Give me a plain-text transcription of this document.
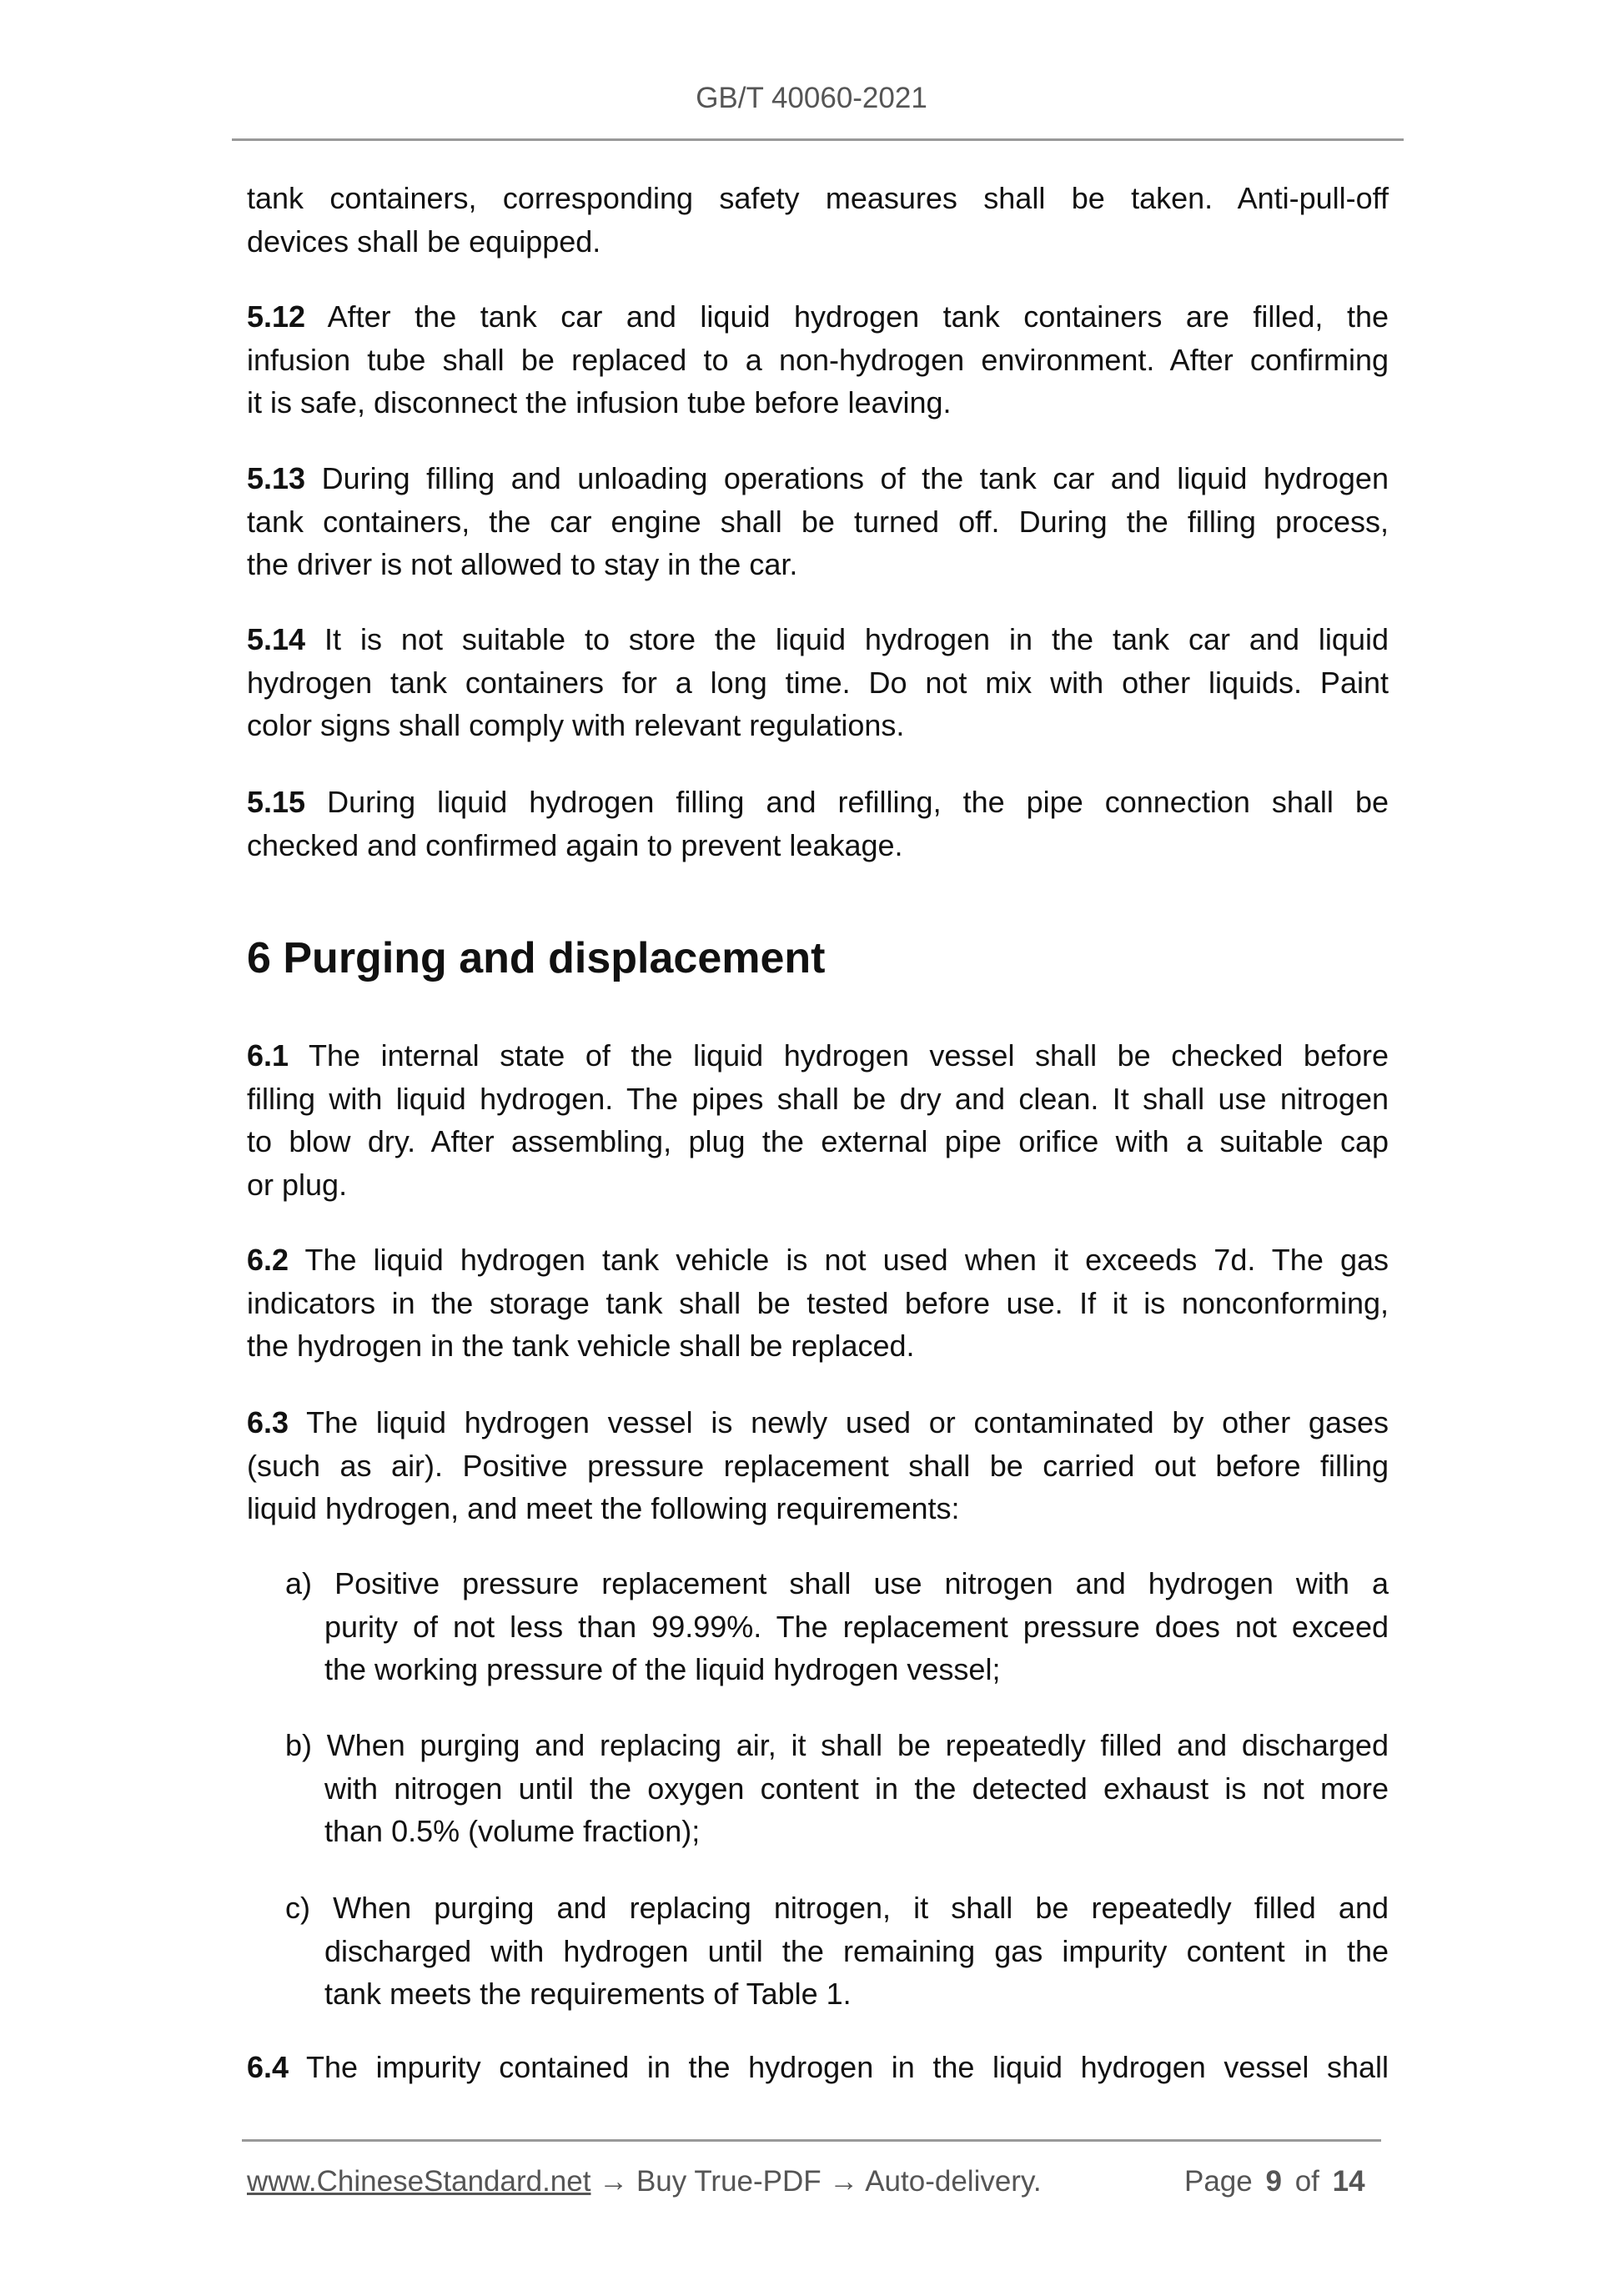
GB/T 40060-2021
tank containers, corresponding safety measures shall be taken. Anti-pull-off
devices shall be equipped.
5.12 After the tank car and liquid hydrogen tank containers are filled, the
infusion tube shall be replaced to a non-hydrogen environment. After confirming
it is safe, disconnect the infusion tube before leaving.
5.13 During filling and unloading operations of the tank car and liquid hydrogen
tank containers, the car engine shall be turned off. During the filling process,
the driver is not allowed to stay in the car.
5.14 It is not suitable to store the liquid hydrogen in the tank car and liquid
hydrogen tank containers for a long time. Do not mix with other liquids. Paint
color signs shall comply with relevant regulations.
5.15 During liquid hydrogen filling and refilling, the pipe connection shall be
checked and confirmed again to prevent leakage.
6.1 The internal state of the liquid hydrogen vessel shall be checked before
filling with liquid hydrogen. The pipes shall be dry and clean. It shall use nitrogen
to blow dry. After assembling, plug the external pipe orifice with a suitable cap
or plug.
6.2 The liquid hydrogen tank vehicle is not used when it exceeds 7d. The gas
indicators in the storage tank shall be tested before use. If it is nonconforming,
the hydrogen in the tank vehicle shall be replaced.
6.3 The liquid hydrogen vessel is newly used or contaminated by other gases
(such as air). Positive pressure replacement shall be carried out before filling
liquid hydrogen, and meet the following requirements:
a) Positive pressure replacement shall use nitrogen and hydrogen with a
purity of not less than 99.99%. The replacement pressure does not exceed
the working pressure of the liquid hydrogen vessel;
b) When purging and replacing air, it shall be repeatedly filled and discharged
with nitrogen until the oxygen content in the detected exhaust is not more
than 0.5% (volume fraction);
c) When purging and replacing nitrogen, it shall be repeatedly filled and
discharged with hydrogen until the remaining gas impurity content in the
tank meets the requirements of Table 1.
6.4 The impurity contained in the hydrogen in the liquid hydrogen vessel shall
6 Purging and displacement
www.ChineseStandard.net → Buy True-PDF → Auto-delivery.	Page 9 of 14
